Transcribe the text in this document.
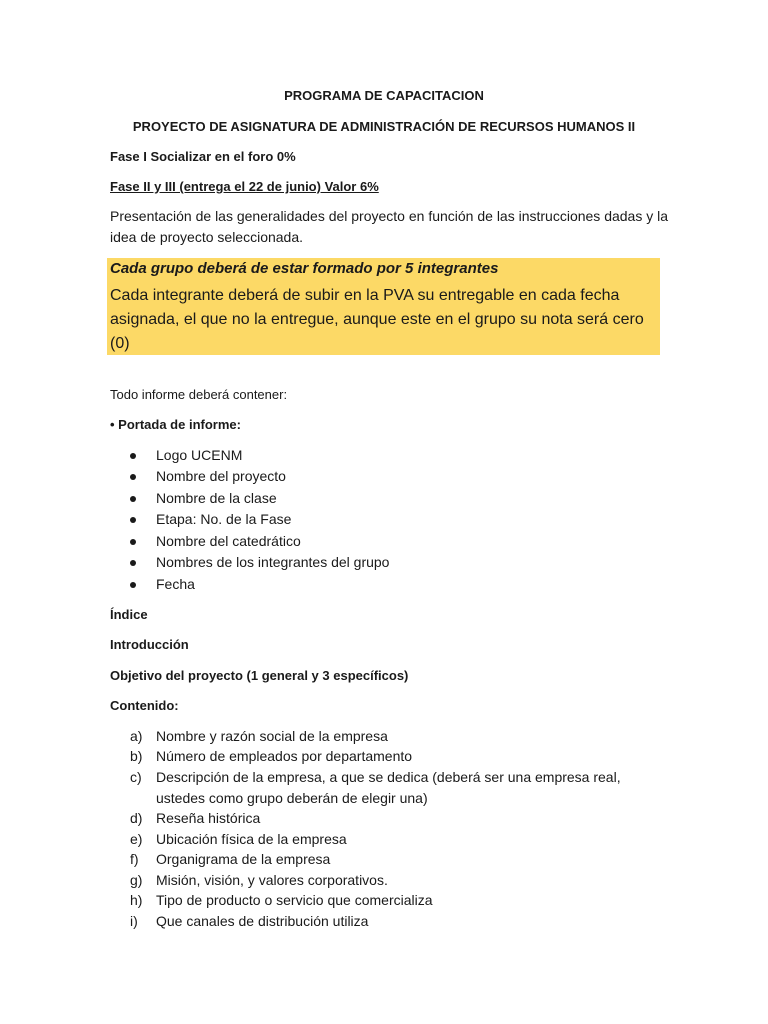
PROGRAMA DE CAPACITACION
PROYECTO DE ASIGNATURA DE ADMINISTRACIÓN DE RECURSOS HUMANOS II
Fase I Socializar en el foro 0%
Fase II y III (entrega el 22 de junio) Valor 6%
Presentación de las generalidades del proyecto en función de las instrucciones dadas y la idea de proyecto seleccionada.
Cada grupo deberá de estar formado por 5 integrantes
Cada integrante deberá de subir en la PVA su entregable en cada fecha asignada, el que no la entregue, aunque este en el grupo su nota será cero (0)
Todo informe deberá contener:
• Portada de informe:
Logo UCENM
Nombre del proyecto
Nombre de la clase
Etapa: No. de la Fase
Nombre del catedrático
Nombres de los integrantes del grupo
Fecha
Índice
Introducción
Objetivo del proyecto (1 general y 3 específicos)
Contenido:
a) Nombre y razón social de la empresa
b) Número de empleados por departamento
c) Descripción de la empresa, a que se dedica (deberá ser una empresa real, ustedes como grupo deberán de elegir una)
d) Reseña histórica
e) Ubicación física de la empresa
f) Organigrama de la empresa
g) Misión, visión, y valores corporativos.
h) Tipo de producto o servicio que comercializa
i) Que canales de distribución utiliza
